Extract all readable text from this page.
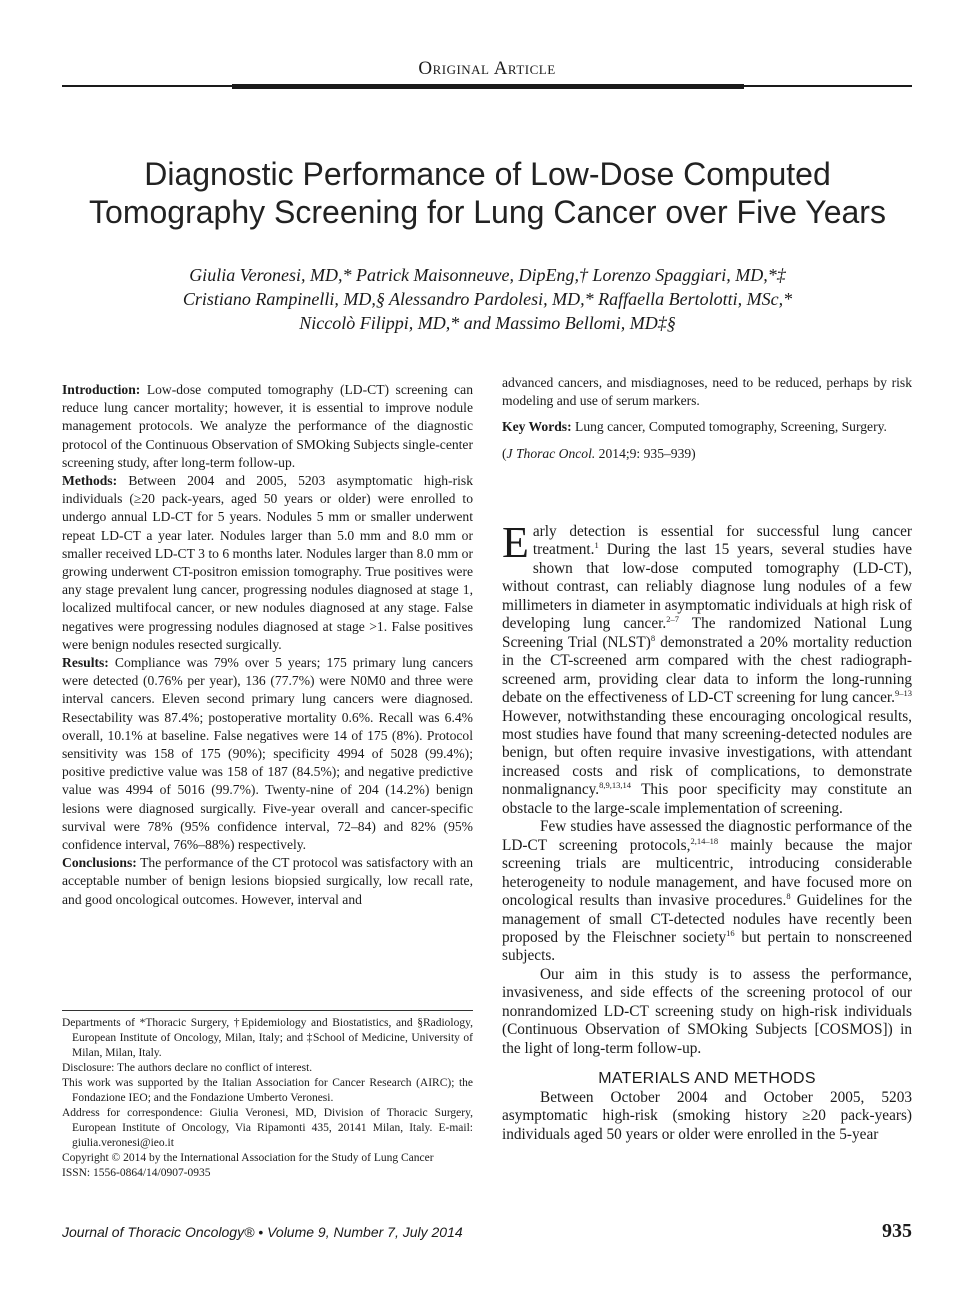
Original Article
Diagnostic Performance of Low-Dose Computed Tomography Screening for Lung Cancer over Five Years
Giulia Veronesi, MD,* Patrick Maisonneuve, DipEng,† Lorenzo Spaggiari, MD,*‡
Cristiano Rampinelli, MD,§ Alessandro Pardolesi, MD,* Raffaella Bertolotti, MSc,*
Niccolò Filippi, MD,* and Massimo Bellomi, MD‡§

Introduction: Low-dose computed tomography (LD-CT) screening can reduce lung cancer mortality; however, it is essential to improve nodule management protocols. We analyze the performance of the diagnostic protocol of the Continuous Observation of SMOking Subjects single-center screening study, after long-term follow-up.

Methods: Between 2004 and 2005, 5203 asymptomatic high-risk individuals (≥20 pack-years, aged 50 years or older) were enrolled to undergo annual LD-CT for 5 years. Nodules 5 mm or smaller underwent repeat LD-CT a year later. Nodules larger than 5.0 mm and 8.0 mm or smaller received LD-CT 3 to 6 months later. Nodules larger than 8.0 mm or growing underwent CT-positron emission tomography. True positives were any stage prevalent lung cancer, progressing nodules diagnosed at stage 1, localized multifocal cancer, or new nodules diagnosed at any stage. False negatives were progressing nodules diagnosed at stage >1. False positives were benign nodules resected surgically.

Results: Compliance was 79% over 5 years; 175 primary lung cancers were detected (0.76% per year), 136 (77.7%) were N0M0 and three were interval cancers. Eleven second primary lung cancers were diagnosed. Resectability was 87.4%; postoperative mortality 0.6%. Recall was 6.4% overall, 10.1% at baseline. False negatives were 14 of 175 (8%). Protocol sensitivity was 158 of 175 (90%); specificity 4994 of 5028 (99.4%); positive predictive value was 158 of 187 (84.5%); and negative predictive value was 4994 of 5016 (99.7%). Twenty-nine of 204 (14.2%) benign lesions were diagnosed surgically. Five-year overall and cancer-specific survival were 78% (95% confidence interval, 72–84) and 82% (95% confidence interval, 76%–88%) respectively.

Conclusions: The performance of the CT protocol was satisfactory with an acceptable number of benign lesions biopsied surgically, low recall rate, and good oncological outcomes. However, interval and

Departments of *Thoracic Surgery, †Epidemiology and Biostatistics, and §Radiology, European Institute of Oncology, Milan, Italy; and ‡School of Medicine, University of Milan, Milan, Italy.

Disclosure: The authors declare no conflict of interest.

This work was supported by the Italian Association for Cancer Research (AIRC); the Fondazione IEO; and the Fondazione Umberto Veronesi.

Address for correspondence: Giulia Veronesi, MD, Division of Thoracic Surgery, European Institute of Oncology, Via Ripamonti 435, 20141 Milan, Italy. E-mail: giulia.veronesi@ieo.it

Copyright © 2014 by the International Association for the Study of Lung Cancer

ISSN: 1556-0864/14/0907-0935

advanced cancers, and misdiagnoses, need to be reduced, perhaps by risk modeling and use of serum markers.

Key Words: Lung cancer, Computed tomography, Screening, Surgery.

(J Thorac Oncol. 2014;9: 935–939)

Early detection is essential for successful lung cancer treatment.$^1$ During the last 15 years, several studies have shown that low-dose computed tomography (LD-CT), without contrast, can reliably diagnose lung nodules of a few millimeters in diameter in asymptomatic individuals at high risk of developing lung cancer.$^{2-7}$ The randomized National Lung Screening Trial (NLST)$^8$ demonstrated a 20% mortality reduction in the CT-screened arm compared with the chest radiograph-screened arm, providing clear data to inform the long-running debate on the effectiveness of LD-CT screening for lung cancer.$^{9-13}$ However, notwithstanding these encouraging oncological results, most studies have found that many screening-detected nodules are benign, but often require invasive investigations, with attendant increased costs and risk of complications, to demonstrate nonmalignancy.$^{8,9,13,14}$ This poor specificity may constitute an obstacle to the large-scale implementation of screening.

Few studies have assessed the diagnostic performance of the LD-CT screening protocols,$^{2,14-18}$ mainly because the major screening trials are multicentric, introducing considerable heterogeneity to nodule management, and have focused more on oncological results than invasive procedures.$^8$ Guidelines for the management of small CT-detected nodules have recently been proposed by the Fleischner society$^{16}$ but pertain to nonscreened subjects.

Our aim in this study is to assess the performance, invasiveness, and side effects of the screening protocol of our nonrandomized LD-CT screening study on high-risk individuals (Continuous Observation of SMOking Subjects [COSMOS]) in the light of long-term follow-up.

MATERIALS AND METHODS

Between October 2004 and October 2005, 5203 asymptomatic high-risk (smoking history ≥20 pack-years) individuals aged 50 years or older were enrolled in the 5-year

Journal of Thoracic Oncology® • Volume 9, Number 7, July 2014	935
